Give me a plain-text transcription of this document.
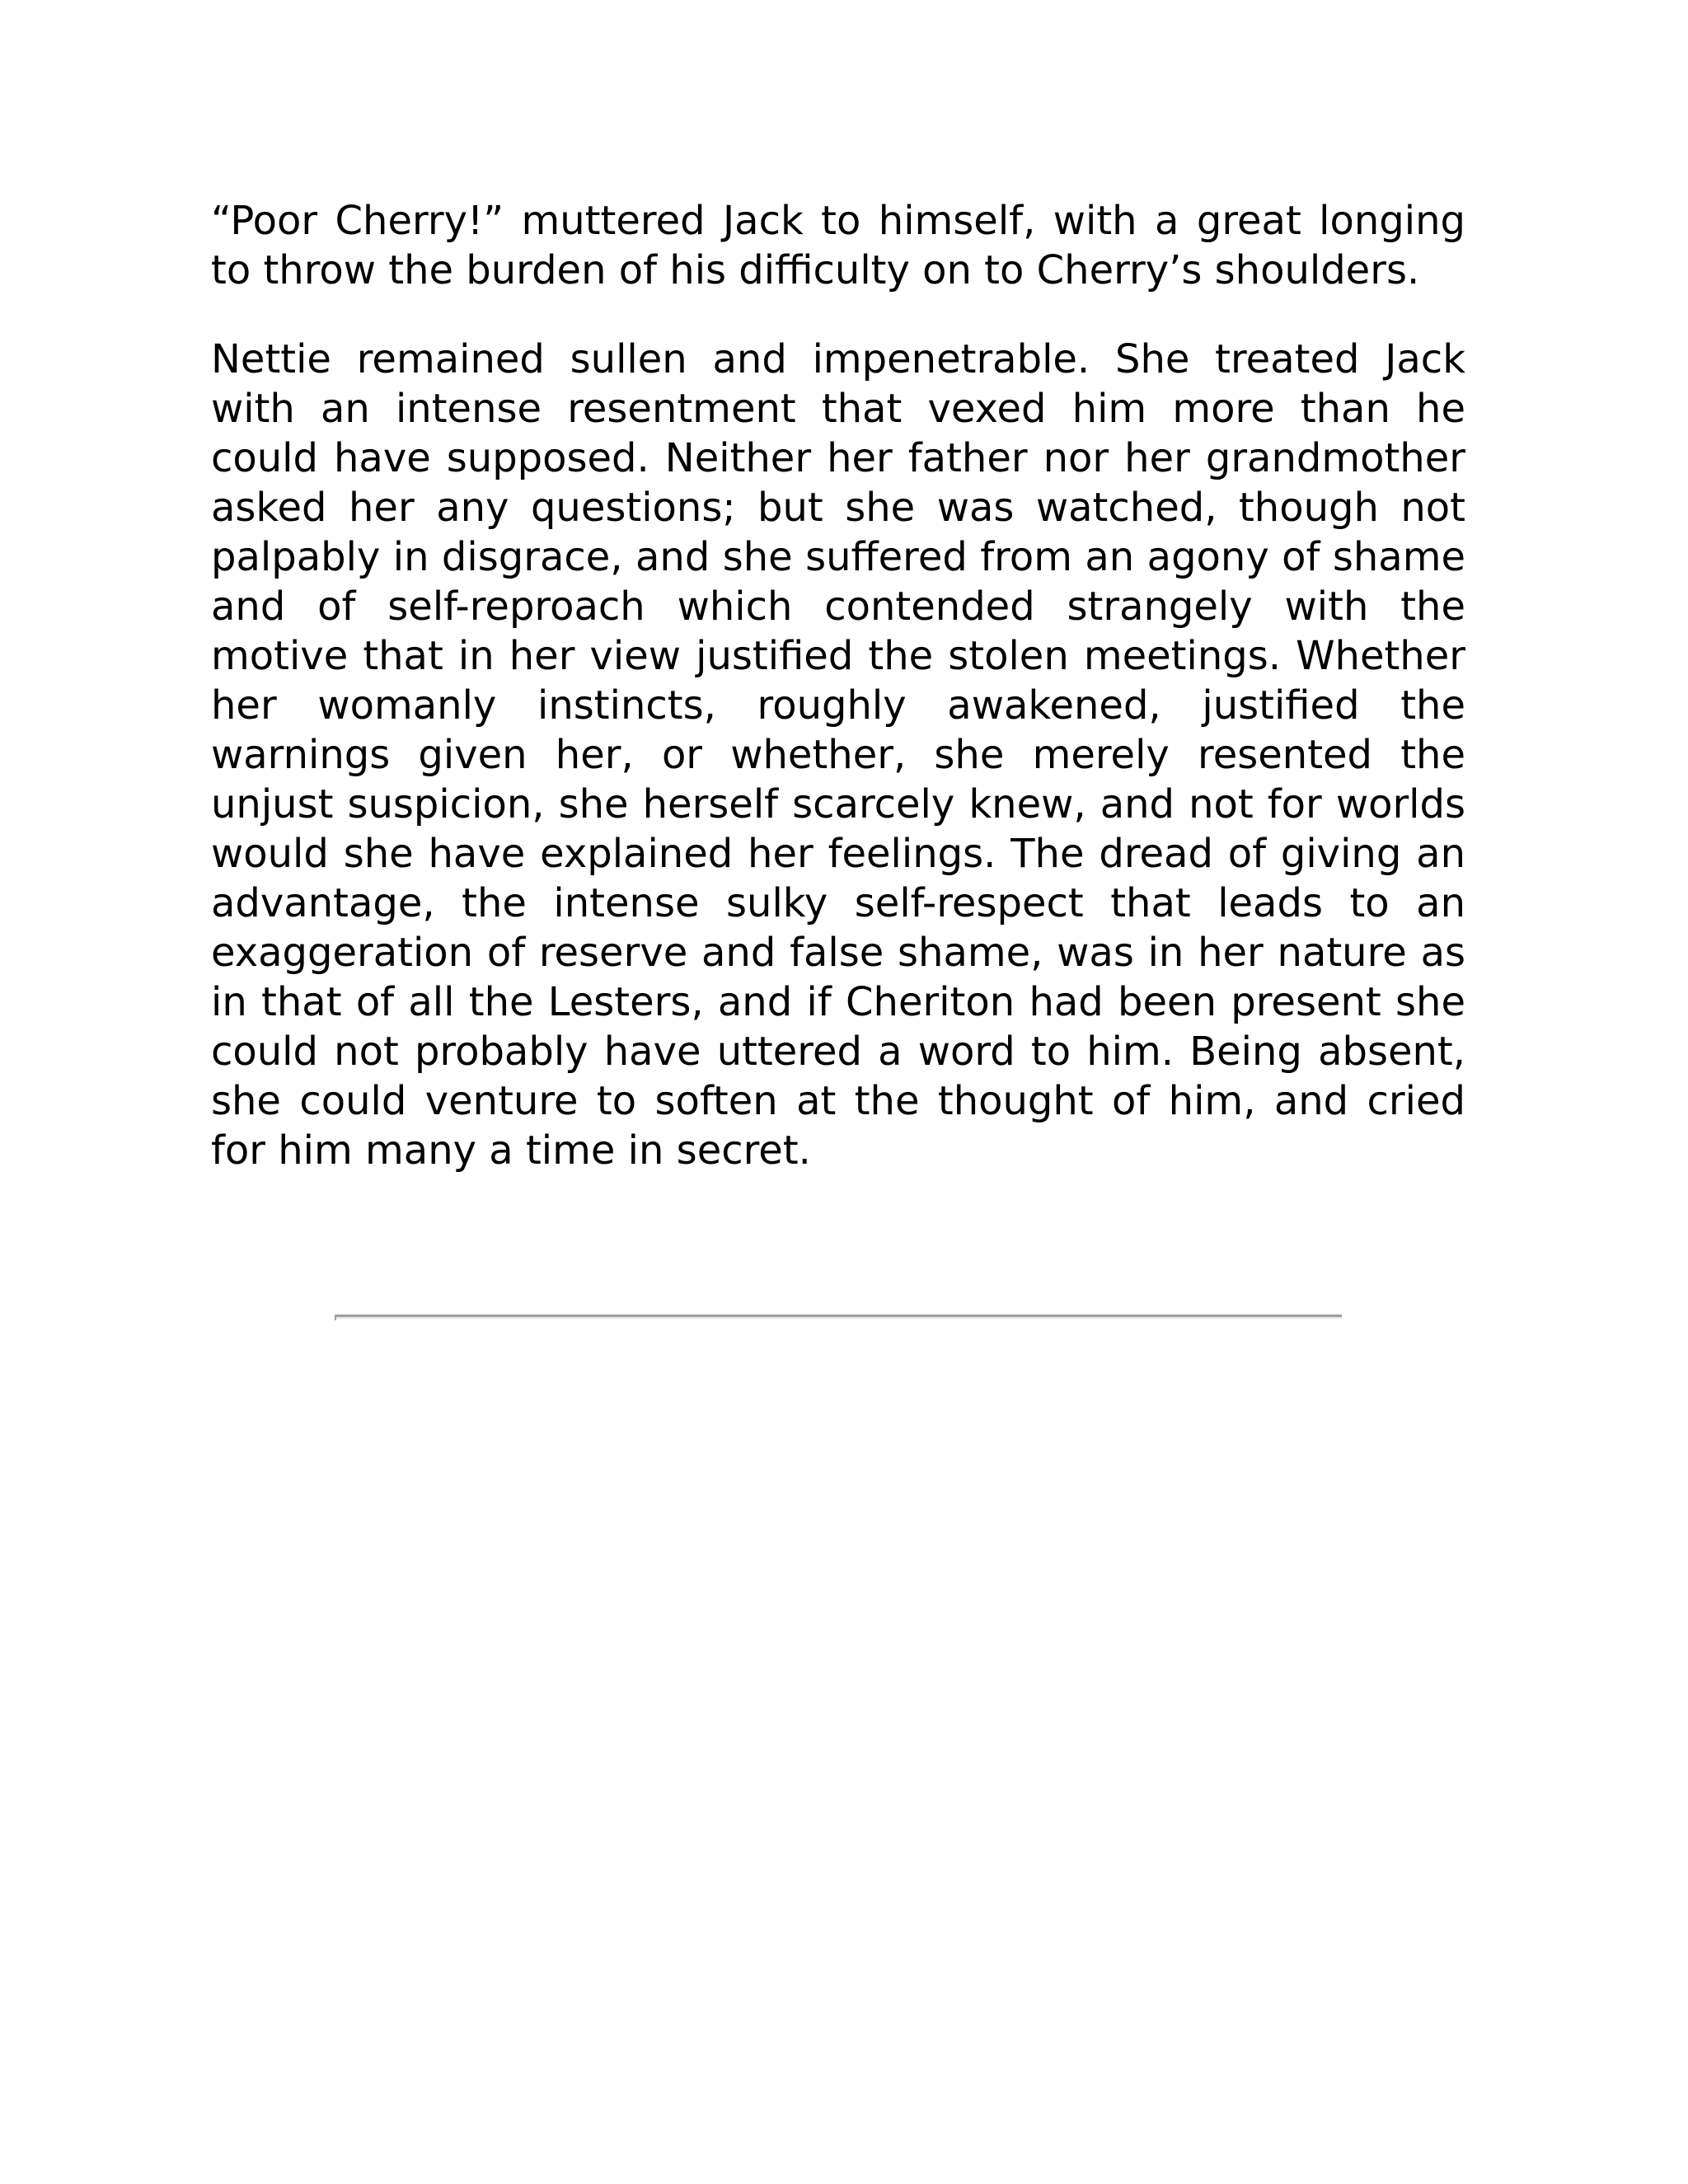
“Poor Cherry!” muttered Jack to himself, with a great longing to throw the burden of his difficulty on to Cherry’s shoulders.

Nettie remained sullen and impenetrable. She treated Jack with an intense resentment that vexed him more than he could have supposed. Neither her father nor her grandmother asked her any questions; but she was watched, though not palpably in disgrace, and she suffered from an agony of shame and of self-reproach which contended strangely with the motive that in her view justified the stolen meetings. Whether her womanly instincts, roughly awakened, justified the warnings given her, or whether, she merely resented the unjust suspicion, she herself scarcely knew, and not for worlds would she have explained her feelings. The dread of giving an advantage, the intense sulky self-respect that leads to an exaggeration of reserve and false shame, was in her nature as in that of all the Lesters, and if Cheriton had been present she could not probably have uttered a word to him. Being absent, she could venture to soften at the thought of him, and cried for him many a time in secret.
